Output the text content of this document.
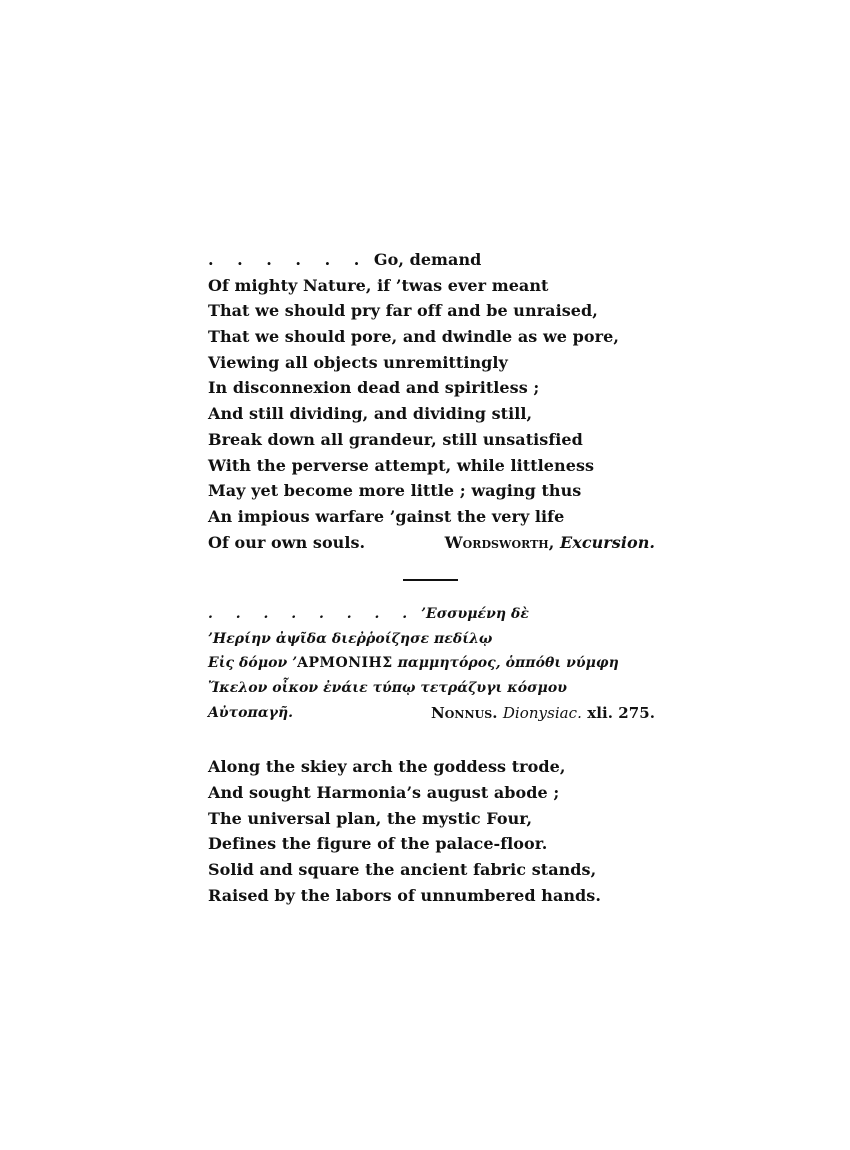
. . . . . . Go, demand
Of mighty Nature, if ’twas ever meant
That we should pry far off and be unraised,
That we should pore, and dwindle as we pore,
Viewing all objects unremittingly
In disconnexion dead and spiritless ;
And still dividing, and dividing still,
Break down all grandeur, still unsatisfied
With the perverse attempt, while littleness
May yet become more little ; waging thus
An impious warfare ’gainst the very life
Of our own souls.	Wordsworth, Excursion.
. . . . . . . . ’Εσσυμένη δὲ
’Ηερίην ἀψῖδα διεῤῥοίζησε πεδίλῳ
Εἰς δόμον ’ΑΡΜΟΝΙΗΣ παμμητόρος, ὁππόθι νύμφη
Ἴκελον οἶκον ἐνάιε τύπῳ τετράζυγι κόσμου
Αὐτοπαγῆ.	Nonnus. Dionysiac. xli. 275.
Along the skiey arch the goddess trode,
And sought Harmonia’s august abode ;
The universal plan, the mystic Four,
Defines the figure of the palace-floor.
Solid and square the ancient fabric stands,
Raised by the labors of unnumbered hands.
